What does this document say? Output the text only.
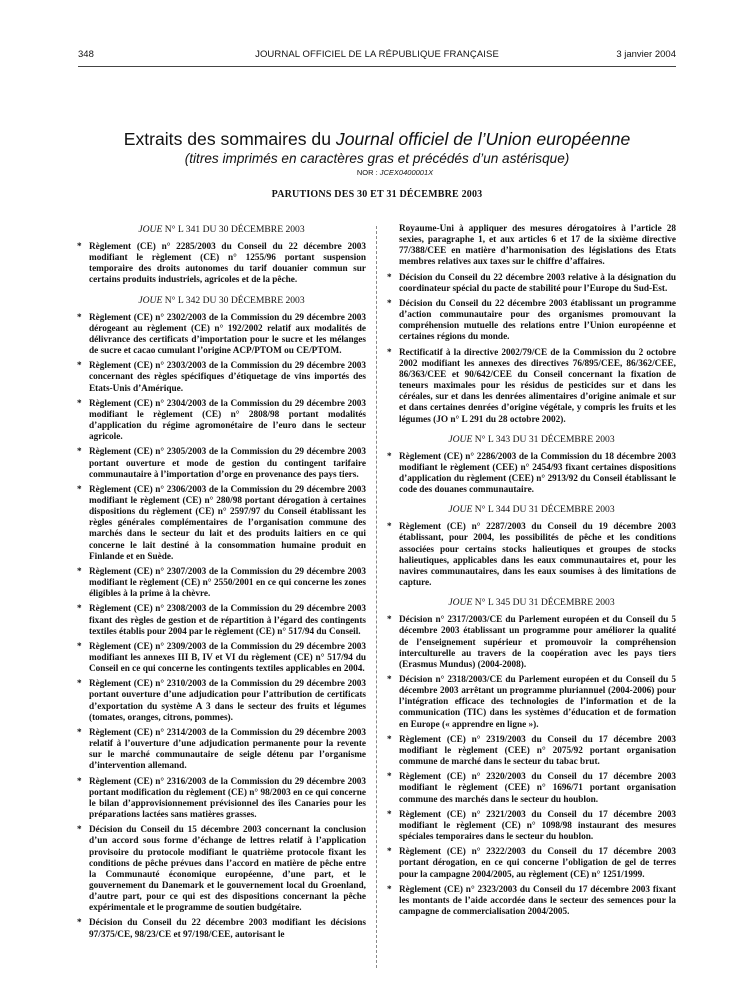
348	JOURNAL OFFICIEL DE LA RÉPUBLIQUE FRANÇAISE	3 janvier 2004
Extraits des sommaires du Journal officiel de l’Union européenne
(titres imprimés en caractères gras et précédés d’un astérisque)
NOR : JCEX0400001X
PARUTIONS DES 30 ET 31 DÉCEMBRE 2003
JOUE N° L 341 DU 30 DÉCEMBRE 2003
* Règlement (CE) n° 2285/2003 du Conseil du 22 décembre 2003 modifiant le règlement (CE) n° 1255/96 portant suspension temporaire des droits autonomes du tarif douanier commun sur certains produits industriels, agricoles et de la pêche.
JOUE N° L 342 DU 30 DÉCEMBRE 2003
* Règlement (CE) n° 2302/2003 de la Commission du 29 décembre 2003 dérogeant au règlement (CE) n° 192/2002 relatif aux modalités de délivrance des certificats d’importation pour le sucre et les mélanges de sucre et cacao cumulant l’origine ACP/PTOM ou CE/PTOM.
* Règlement (CE) n° 2303/2003 de la Commission du 29 décembre 2003 concernant des règles spécifiques d’étiquetage de vins importés des Etats-Unis d’Amérique.
* Règlement (CE) n° 2304/2003 de la Commission du 29 décembre 2003 modifiant le règlement (CE) n° 2808/98 portant modalités d’application du régime agromonétaire de l’euro dans le secteur agricole.
* Règlement (CE) n° 2305/2003 de la Commission du 29 décembre 2003 portant ouverture et mode de gestion du contingent tarifaire communautaire à l’importation d’orge en provenance des pays tiers.
* Règlement (CE) n° 2306/2003 de la Commission du 29 décembre 2003 modifiant le règlement (CE) n° 280/98 portant dérogation à certaines dispositions du règlement (CE) n° 2597/97 du Conseil établissant les règles générales complémentaires de l’organisation commune des marchés dans le secteur du lait et des produits laitiers en ce qui concerne le lait destiné à la consommation humaine produit en Finlande et en Suède.
* Règlement (CE) n° 2307/2003 de la Commission du 29 décembre 2003 modifiant le règlement (CE) n° 2550/2001 en ce qui concerne les zones éligibles à la prime à la chèvre.
* Règlement (CE) n° 2308/2003 de la Commission du 29 décembre 2003 fixant des règles de gestion et de répartition à l’égard des contingents textiles établis pour 2004 par le règlement (CE) n° 517/94 du Conseil.
* Règlement (CE) n° 2309/2003 de la Commission du 29 décembre 2003 modifiant les annexes III B, IV et VI du règlement (CE) n° 517/94 du Conseil en ce qui concerne les contingents textiles applicables en 2004.
* Règlement (CE) n° 2310/2003 de la Commission du 29 décembre 2003 portant ouverture d’une adjudication pour l’attribution de certificats d’exportation du système A 3 dans le secteur des fruits et légumes (tomates, oranges, citrons, pommes).
* Règlement (CE) n° 2314/2003 de la Commission du 29 décembre 2003 relatif à l’ouverture d’une adjudication permanente pour la revente sur le marché communautaire de seigle détenu par l’organisme d’intervention allemand.
* Règlement (CE) n° 2316/2003 de la Commission du 29 décembre 2003 portant modification du règlement (CE) n° 98/2003 en ce qui concerne le bilan d’approvisionnement prévisionnel des îles Canaries pour les préparations lactées sans matières grasses.
* Décision du Conseil du 15 décembre 2003 concernant la conclusion d’un accord sous forme d’échange de lettres relatif à l’application provisoire du protocole modifiant le quatrième protocole fixant les conditions de pêche prévues dans l’accord en matière de pêche entre la Communauté économique européenne, d’une part, et le gouvernement du Danemark et le gouvernement local du Groenland, d’autre part, pour ce qui est des dispositions concernant la pêche expérimentale et le programme de soutien budgétaire.
* Décision du Conseil du 22 décembre 2003 modifiant les décisions 97/375/CE, 98/23/CE et 97/198/CEE, autorisant le
Royaume-Uni à appliquer des mesures dérogatoires à l’article 28 sexies, paragraphe 1, et aux articles 6 et 17 de la sixième directive 77/388/CEE en matière d’harmonisation des législations des Etats membres relatives aux taxes sur le chiffre d’affaires.
* Décision du Conseil du 22 décembre 2003 relative à la désignation du coordinateur spécial du pacte de stabilité pour l’Europe du Sud-Est.
* Décision du Conseil du 22 décembre 2003 établissant un programme d’action communautaire pour des organismes promouvant la compréhension mutuelle des relations entre l’Union européenne et certaines régions du monde.
* Rectificatif à la directive 2002/79/CE de la Commission du 2 octobre 2002 modifiant les annexes des directives 76/895/CEE, 86/362/CEE, 86/363/CEE et 90/642/CEE du Conseil concernant la fixation de teneurs maximales pour les résidus de pesticides sur et dans les céréales, sur et dans les denrées alimentaires d’origine animale et sur et dans certaines denrées d’origine végétale, y compris les fruits et les légumes (JO n° L 291 du 28 octobre 2002).
JOUE N° L 343 DU 31 DÉCEMBRE 2003
* Règlement (CE) n° 2286/2003 de la Commission du 18 décembre 2003 modifiant le règlement (CEE) n° 2454/93 fixant certaines dispositions d’application du règlement (CEE) n° 2913/92 du Conseil établissant le code des douanes communautaire.
JOUE N° L 344 DU 31 DÉCEMBRE 2003
* Règlement (CE) n° 2287/2003 du Conseil du 19 décembre 2003 établissant, pour 2004, les possibilités de pêche et les conditions associées pour certains stocks halieutiques et groupes de stocks halieutiques, applicables dans les eaux communautaires et, pour les navires communautaires, dans les eaux soumises à des limitations de capture.
JOUE N° L 345 DU 31 DÉCEMBRE 2003
* Décision n° 2317/2003/CE du Parlement européen et du Conseil du 5 décembre 2003 établissant un programme pour améliorer la qualité de l’enseignement supérieur et promouvoir la compréhension interculturelle au travers de la coopération avec les pays tiers (Erasmus Mundus) (2004-2008).
* Décision n° 2318/2003/CE du Parlement européen et du Conseil du 5 décembre 2003 arrêtant un programme pluriannuel (2004-2006) pour l’intégration efficace des technologies de l’information et de la communication (TIC) dans les systèmes d’éducation et de formation en Europe (« apprendre en ligne »).
* Règlement (CE) n° 2319/2003 du Conseil du 17 décembre 2003 modifiant le règlement (CEE) n° 2075/92 portant organisation commune de marché dans le secteur du tabac brut.
* Règlement (CE) n° 2320/2003 du Conseil du 17 décembre 2003 modifiant le règlement (CEE) n° 1696/71 portant organisation commune des marchés dans le secteur du houblon.
* Règlement (CE) n° 2321/2003 du Conseil du 17 décembre 2003 modifiant le règlement (CE) n° 1098/98 instaurant des mesures spéciales temporaires dans le secteur du houblon.
* Règlement (CE) n° 2322/2003 du Conseil du 17 décembre 2003 portant dérogation, en ce qui concerne l’obligation de gel de terres pour la campagne 2004/2005, au règlement (CE) n° 1251/1999.
* Règlement (CE) n° 2323/2003 du Conseil du 17 décembre 2003 fixant les montants de l’aide accordée dans le secteur des semences pour la campagne de commercialisation 2004/2005.
